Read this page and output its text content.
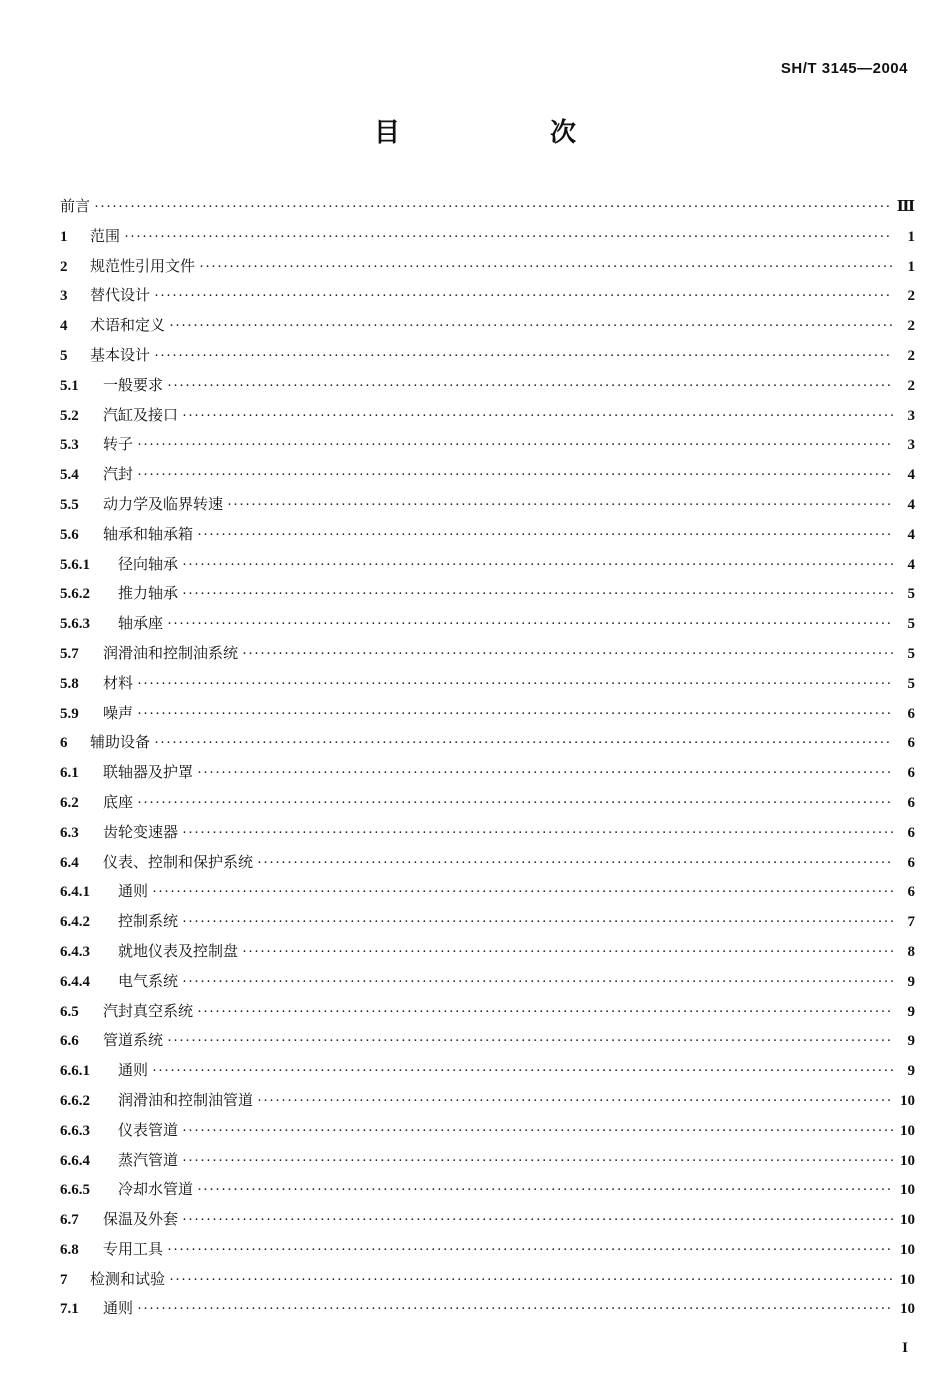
SH/T 3145—2004
目	次
前言 ·····	Ⅲ
1	范围 ·····	1
2	规范性引用文件 ·····	1
3	替代设计 ·····	2
4	术语和定义 ·····	2
5	基本设计 ·····	2
5.1	一般要求 ·····	2
5.2	汽缸及接口 ·····	3
5.3	转子 ·····	3
5.4	汽封 ·····	4
5.5	动力学及临界转速 ·····	4
5.6	轴承和轴承箱 ·····	4
5.6.1	径向轴承 ·····	4
5.6.2	推力轴承 ·····	5
5.6.3	轴承座 ·····	5
5.7	润滑油和控制油系统 ·····	5
5.8	材料 ·····	5
5.9	噪声 ·····	6
6	辅助设备 ·····	6
6.1	联轴器及护罩 ·····	6
6.2	底座 ·····	6
6.3	齿轮变速器 ·····	6
6.4	仪表、控制和保护系统 ·····	6
6.4.1	通则 ·····	6
6.4.2	控制系统 ·····	7
6.4.3	就地仪表及控制盘 ·····	8
6.4.4	电气系统 ·····	9
6.5	汽封真空系统 ·····	9
6.6	管道系统 ·····	9
6.6.1	通则 ·····	9
6.6.2	润滑油和控制油管道 ·····	10
6.6.3	仪表管道 ·····	10
6.6.4	蒸汽管道 ·····	10
6.6.5	冷却水管道 ·····	10
6.7	保温及外套 ·····	10
6.8	专用工具 ·····	10
7	检测和试验 ·····	10
7.1	通则 ·····	10
I
